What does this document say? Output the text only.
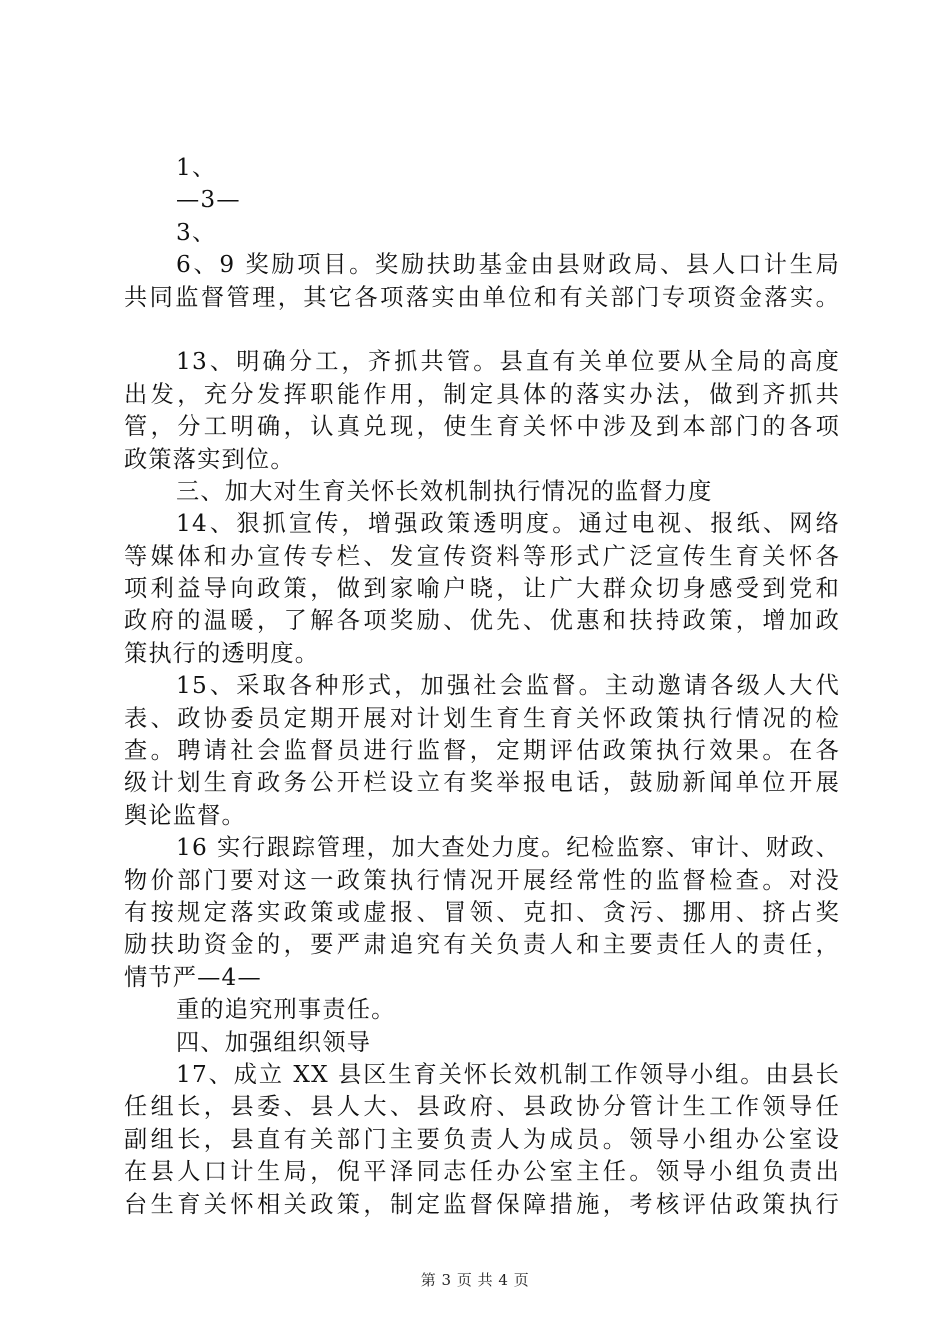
1、
—3—
3、
6、9 奖励项目。奖励扶助基金由县财政局、县人口计生局
共同监督管理，其它各项落实由单位和有关部门专项资金落实。
13、明确分工，齐抓共管。县直有关单位要从全局的高度
出发，充分发挥职能作用，制定具体的落实办法，做到齐抓共
管，分工明确，认真兑现，使生育关怀中涉及到本部门的各项
政策落实到位。
三、加大对生育关怀长效机制执行情况的监督力度
14、狠抓宣传，增强政策透明度。通过电视、报纸、网络
等媒体和办宣传专栏、发宣传资料等形式广泛宣传生育关怀各
项利益导向政策，做到家喻户晓，让广大群众切身感受到党和
政府的温暖，了解各项奖励、优先、优惠和扶持政策，增加政
策执行的透明度。
15、采取各种形式，加强社会监督。主动邀请各级人大代
表、政协委员定期开展对计划生育生育关怀政策执行情况的检
查。聘请社会监督员进行监督，定期评估政策执行效果。在各
级计划生育政务公开栏设立有奖举报电话，鼓励新闻单位开展
舆论监督。
16 实行跟踪管理，加大查处力度。纪检监察、审计、财政、
物价部门要对这一政策执行情况开展经常性的监督检查。对没
有按规定落实政策或虚报、冒领、克扣、贪污、挪用、挤占奖
励扶助资金的，要严肃追究有关负责人和主要责任人的责任，
情节严—4—
重的追究刑事责任。
四、加强组织领导
17、成立 XX 县区生育关怀长效机制工作领导小组。由县长
任组长，县委、县人大、县政府、县政协分管计生工作领导任
副组长，县直有关部门主要负责人为成员。领导小组办公室设
在县人口计生局，倪平泽同志任办公室主任。领导小组负责出
台生育关怀相关政策，制定监督保障措施，考核评估政策执行
第 3 页 共 4 页
